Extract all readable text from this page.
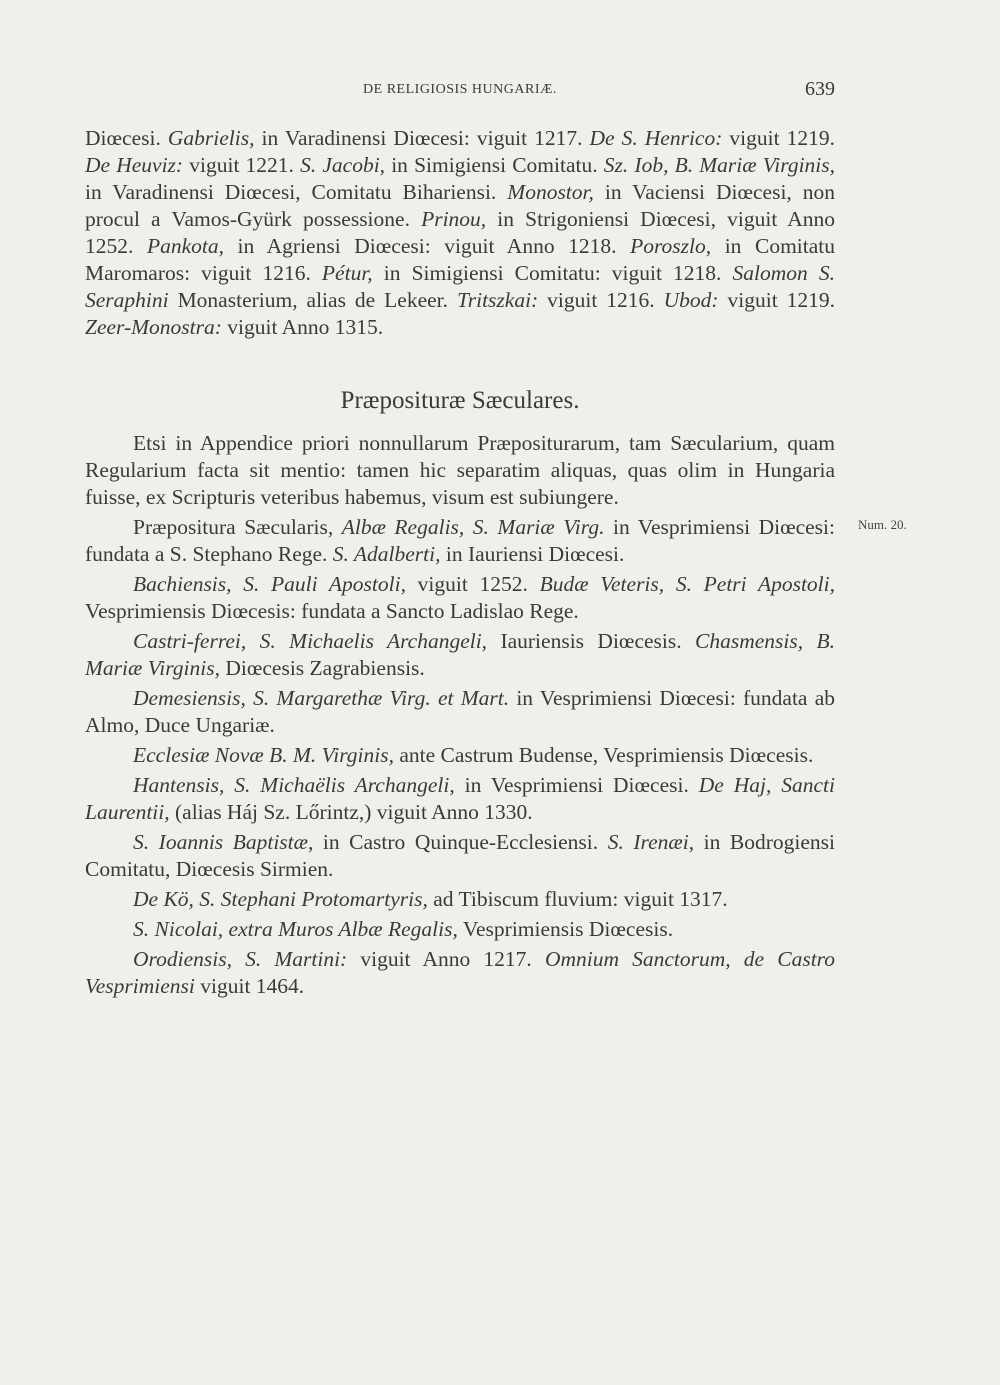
DE RELIGIOSIS HUNGARIÆ.	639
Num. 20.

Diœcesi. Gabrielis, in Varadinensi Diœcesi: viguit 1217. De S. Henrico: viguit 1219. De Heuviz: viguit 1221. S. Jacobi, in Simigiensi Comitatu. Sz. Iob, B. Mariæ Virginis, in Varadinensi Diœcesi, Comitatu Bihariensi. Monostor, in Vaciensi Diœcesi, non procul a Vamos-Gyürk possessione. Prinou, in Strigoniensi Diœcesi, viguit Anno 1252. Pankota, in Agriensi Diœcesi: viguit Anno 1218. Poroszlo, in Comitatu Maromaros: viguit 1216. Pétur, in Simigiensi Comitatu: viguit 1218. Salomon S. Seraphini Monasterium, alias de Lekeer. Tritszkai: viguit 1216. Ubod: viguit 1219. Zeer-Monostra: viguit Anno 1315.

Præposituræ Sæculares.

Etsi in Appendice priori nonnullarum Præpositurarum, tam Sæcularium, quam Regularium facta sit mentio: tamen hic separatim aliquas, quas olim in Hungaria fuisse, ex Scripturis veteribus habemus, visum est subiungere.

Præpositura Sæcularis, Albæ Regalis, S. Mariæ Virg. in Vesprimiensi Diœcesi: fundata a S. Stephano Rege. S. Adalberti, in Iauriensi Diœcesi.

Bachiensis, S. Pauli Apostoli, viguit 1252. Budæ Veteris, S. Petri Apostoli, Vesprimiensis Diœcesis: fundata a Sancto Ladislao Rege.

Castri-ferrei, S. Michaelis Archangeli, Iauriensis Diœcesis. Chasmensis, B. Mariæ Virginis, Diœcesis Zagrabiensis.

Demesiensis, S. Margarethæ Virg. et Mart. in Vesprimiensi Diœcesi: fundata ab Almo, Duce Ungariæ.

Ecclesiæ Novæ B. M. Virginis, ante Castrum Budense, Vesprimiensis Diœcesis.

Hantensis, S. Michaëlis Archangeli, in Vesprimiensi Diœcesi. De Haj, Sancti Laurentii, (alias Háj Sz. Lőrintz,) viguit Anno 1330.

S. Ioannis Baptistæ, in Castro Quinque-Ecclesiensi. S. Irenæi, in Bodrogiensi Comitatu, Diœcesis Sirmien.

De Kö, S. Stephani Protomartyris, ad Tibiscum fluvium: viguit 1317.

S. Nicolai, extra Muros Albæ Regalis, Vesprimiensis Diœcesis.

Orodiensis, S. Martini: viguit Anno 1217. Omnium Sanctorum, de Castro Vesprimiensi viguit 1464.
